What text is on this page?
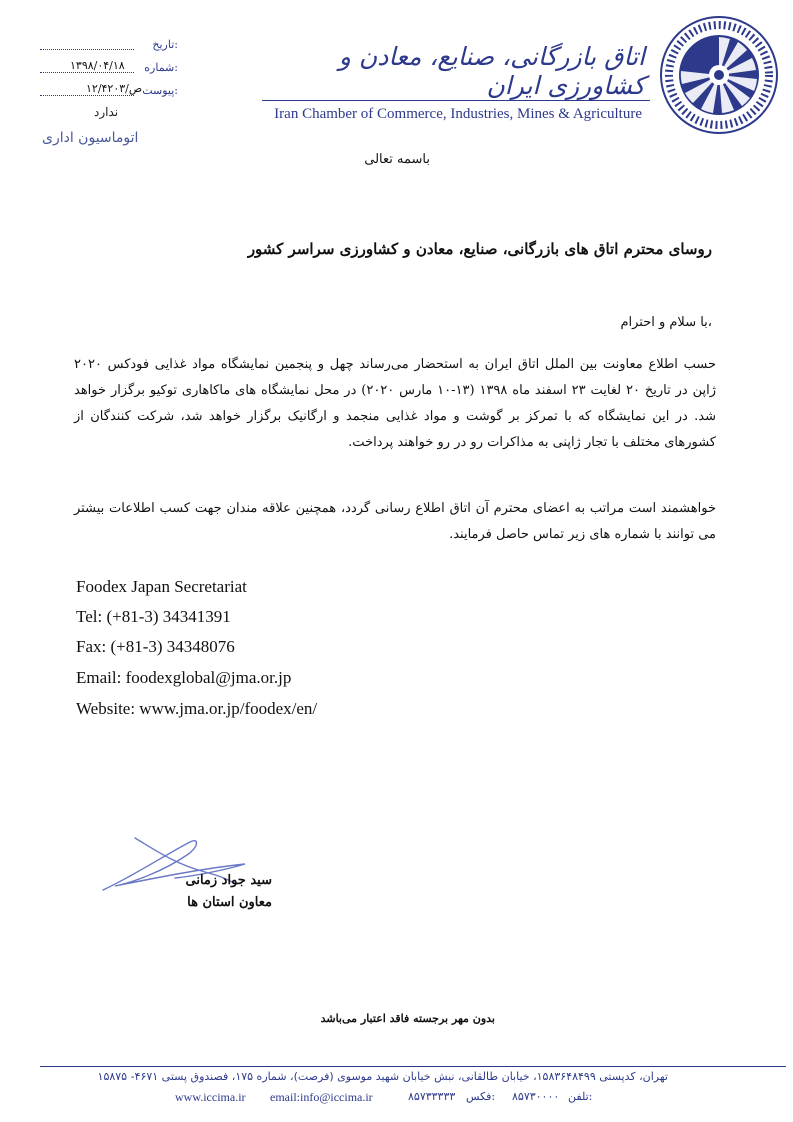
تاریخ:
۱۳۹۸/۰۴/۱۸ شماره:
۱۲/۴۲۰۳/ص پیوست:
ندارد
اتوماسیون اداری
اتاق بازرگانی، صنایع، معادن و کشاورزی ایران
Iran Chamber of Commerce, Industries, Mines & Agriculture
باسمه تعالی
روسای محترم اتاق های بازرگانی، صنایع، معادن و کشاورزی سراسر کشور
با سلام و احترام،
حسب اطلاع معاونت بین الملل اتاق ایران به استحضار می‌رساند چهل و پنجمین نمایشگاه مواد غذایی فودکس ۲۰۲۰ ژاپن در تاریخ ۲۰ لغایت ۲۳ اسفند ماه ۱۳۹۸ (۱۳-۱۰ مارس ۲۰۲۰) در محل نمایشگاه های ماکاهاری توکیو برگزار خواهد شد. در این نمایشگاه که با تمرکز بر گوشت و مواد غذایی منجمد و ارگانیک برگزار خواهد شد، شرکت کنندگان از کشورهای مختلف با تجار ژاپنی به مذاکرات رو در رو خواهند پرداخت.
خواهشمند است مراتب به اعضای محترم آن اتاق اطلاع رسانی گردد، همچنین علاقه مندان جهت کسب اطلاعات بیشتر می توانند با شماره های زیر تماس حاصل فرمایند.
Foodex Japan Secretariat
Tel: (+81-3) 34341391
Fax: (+81-3) 34348076
Email: foodexglobal@jma.or.jp
Website: www.jma.or.jp/foodex/en/
سید جواد زمانی
معاون استان ها
بدون مهر برجسته فاقد اعتبار می‌باشد
تهران، کدپستی ۱۵۸۳۶۴۸۴۹۹، خیابان طالقانی، نبش خیابان شهید موسوی (فرصت)، شماره ۱۷۵، فصندوق پستی ۴۶۷۱- ۱۵۸۷۵
www.iccima.ir email:info@iccima.ir	۸۵۷۳۳۳۳۳ فکس: ۸۵۷۳۰۰۰۰ تلفن:
